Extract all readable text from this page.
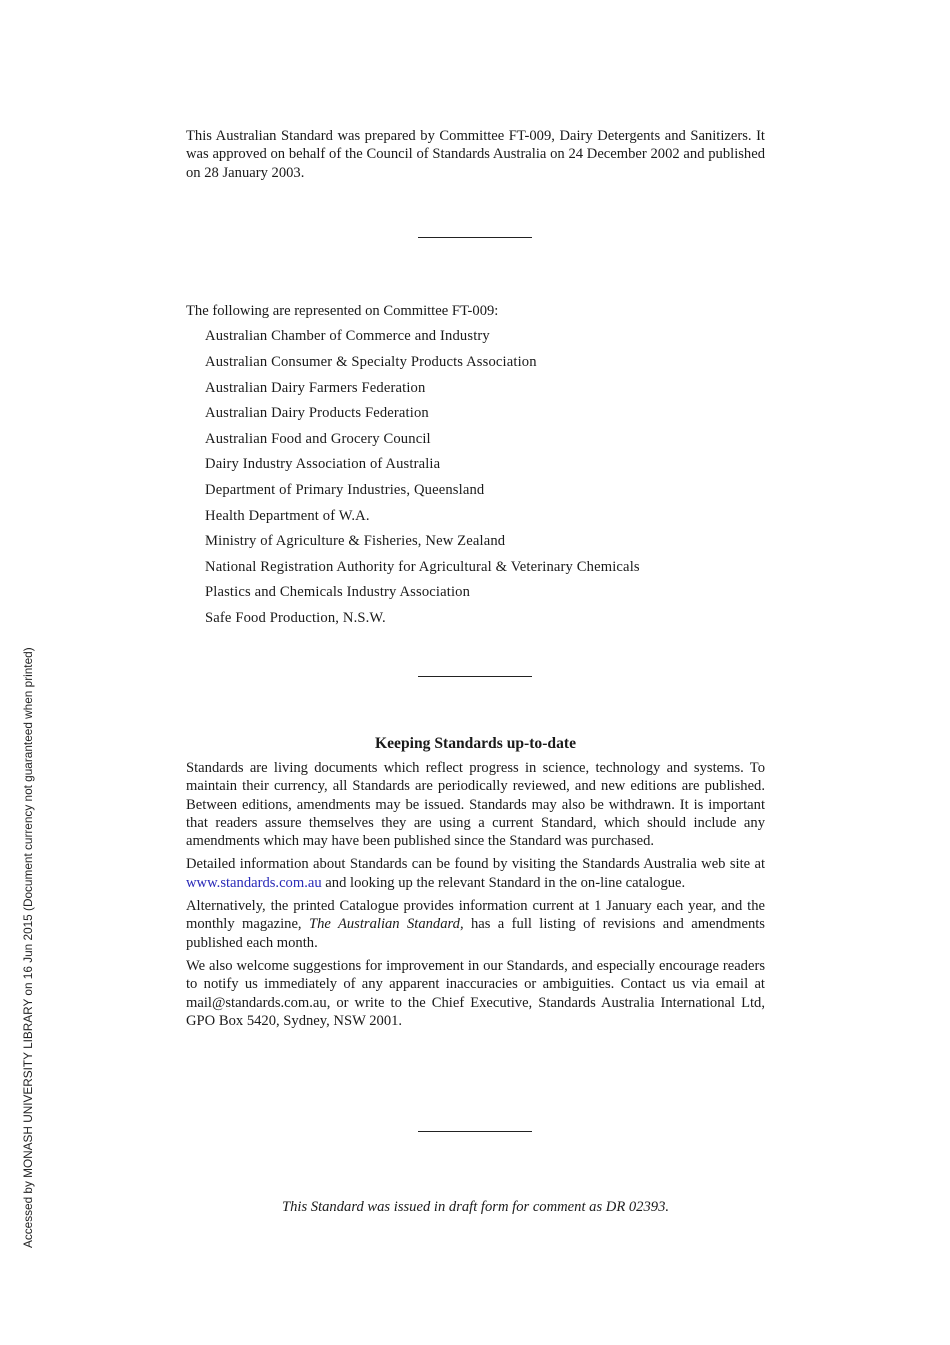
This Australian Standard was prepared by Committee FT-009, Dairy Detergents and Sanitizers. It was approved on behalf of the Council of Standards Australia on 24 December 2002 and published on 28 January 2003.

The following are represented on Committee FT-009:

Australian Chamber of Commerce and Industry
Australian Consumer & Specialty Products Association
Australian Dairy Farmers Federation
Australian Dairy Products Federation
Australian Food and Grocery Council
Dairy Industry Association of Australia
Department of Primary Industries, Queensland
Health Department of W.A.
Ministry of Agriculture & Fisheries, New Zealand
National Registration Authority for Agricultural & Veterinary Chemicals
Plastics and Chemicals Industry Association
Safe Food Production, N.S.W.
Keeping Standards up-to-date

Standards are living documents which reflect progress in science, technology and systems. To maintain their currency, all Standards are periodically reviewed, and new editions are published. Between editions, amendments may be issued. Standards may also be withdrawn. It is important that readers assure themselves they are using a current Standard, which should include any amendments which may have been published since the Standard was purchased.

Detailed information about Standards can be found by visiting the Standards Australia web site at www.standards.com.au and looking up the relevant Standard in the on-line catalogue.

Alternatively, the printed Catalogue provides information current at 1 January each year, and the monthly magazine, The Australian Standard, has a full listing of revisions and amendments published each month.

We also welcome suggestions for improvement in our Standards, and especially encourage readers to notify us immediately of any apparent inaccuracies or ambiguities. Contact us via email at mail@standards.com.au, or write to the Chief Executive, Standards Australia International Ltd, GPO Box 5420, Sydney, NSW 2001.

This Standard was issued in draft form for comment as DR 02393.
Accessed by MONASH UNIVERSITY LIBRARY on 16 Jun 2015 (Document currency not guaranteed when printed)
